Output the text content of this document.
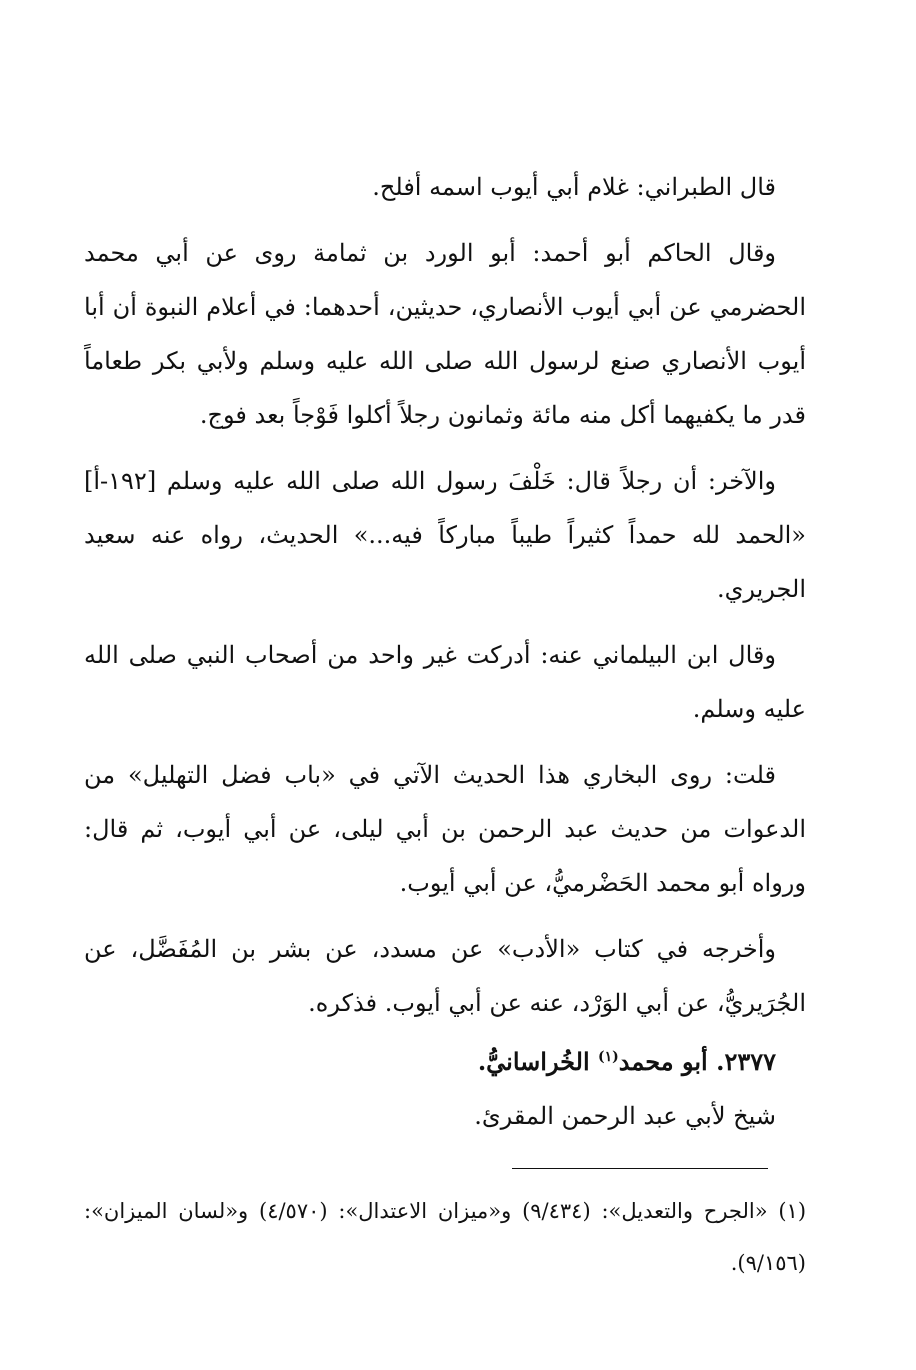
قال الطبراني: غلام أبي أيوب اسمه أفلح.

وقال الحاكم أبو أحمد: أبو الورد بن ثمامة روى عن أبي محمد الحضرمي عن أبي أيوب الأنصاري، حديثين، أحدهما: في أعلام النبوة أن أبا أيوب الأنصاري صنع لرسول الله صلى الله عليه وسلم ولأبي بكر طعاماً قدر ما يكفيهما أكل منه مائة وثمانون رجلاً أكلوا فَوْجاً بعد فوج.

والآخر: أن رجلاً قال: خَلْفَ رسول الله صلى الله عليه وسلم [١٩٢-أ] «الحمد لله حمداً كثيراً طيباً مباركاً فيه...» الحديث، رواه عنه سعيد الجريري.

وقال ابن البيلماني عنه: أدركت غير واحد من أصحاب النبي صلى الله عليه وسلم.

قلت: روى البخاري هذا الحديث الآتي في «باب فضل التهليل» من الدعوات من حديث عبد الرحمن بن أبي ليلى، عن أبي أيوب، ثم قال: ورواه أبو محمد الحَضْرميُّ، عن أبي أيوب.

وأخرجه في كتاب «الأدب» عن مسدد، عن بشر بن المُفَضَّل، عن الجُرَيريُّ، عن أبي الوَرْد، عنه عن أبي أيوب. فذكره.

٢٣٧٧. أبو محمد$^{(١)}$ الخُراسانيُّ.

شيخ لأبي عبد الرحمن المقرئ.

(١) «الجرح والتعديل»: (٩/٤٣٤) و«ميزان الاعتدال»: (٤/٥٧٠) و«لسان الميزان»: (٩/١٥٦).
